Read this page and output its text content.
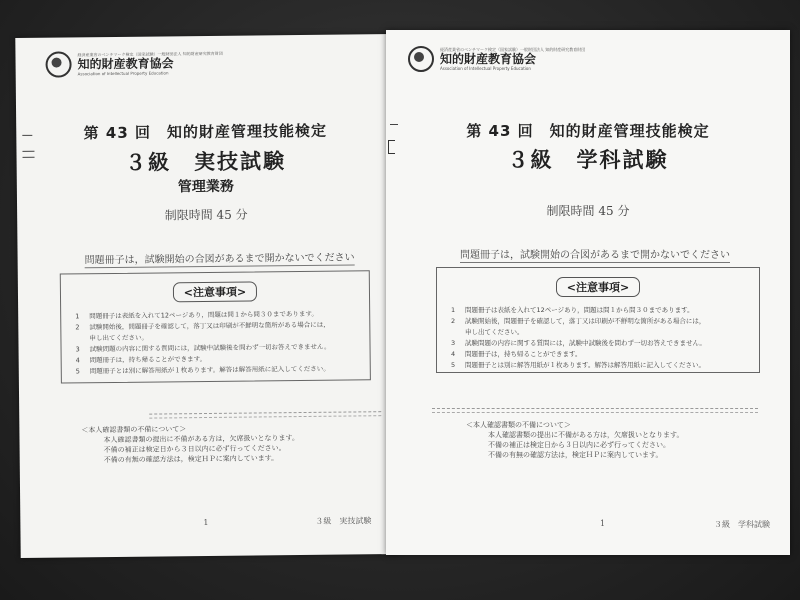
経済産業省のベンチマーク検定（国家試験）一般財団法人 知的財産研究教育財団
知的財産教育協会
Association of Intellectual Property Education
第 43 回　知的財産管理技能検定
３級　実技試験
管理業務
制限時間 45 分
問題冊子は，試験開始の合図があるまで開かないでください
<注意事項>
1	問題冊子は表紙を入れて12ページあり，問題は問１から問３０まであります。
2	試験開始後，問題冊子を確認して，落丁又は印刷が不鮮明な箇所がある場合には，
申し出てください。
3	試験問題の内容に関する質問には，試験中試験後を問わず一切お答えできません。
4	問題冊子は，持ち帰ることができます。
5	問題冊子とは別に解答用紙が１枚あります。解答は解答用紙に記入してください。
＜本人確認書類の不備について＞
本人確認書類の提出に不備がある方は，欠席扱いとなります。
不備の補正は検定日から３日以内に必ず行ってください。
不備の有無の確認方法は，検定ＨＰに案内しています。
1	３級　実技試験
経済産業省のベンチマーク検定（国家試験）一般財団法人 知的財産研究教育財団
知的財産教育協会
Association of Intellectual Property Education
第 43 回　知的財産管理技能検定
３級　学科試験
制限時間 45 分
問題冊子は，試験開始の合図があるまで開かないでください
<注意事項>
1	問題冊子は表紙を入れて12ページあり，問題は問１から問３０まであります。
2	試験開始後，問題冊子を確認して，落丁又は印刷が不鮮明な箇所がある場合には，
申し出てください。
3	試験問題の内容に関する質問には，試験中試験後を問わず一切お答えできません。
4	問題冊子は，持ち帰ることができます。
5	問題冊子とは別に解答用紙が１枚あります。解答は解答用紙に記入してください。
＜本人確認書類の不備について＞
本人確認書類の提出に不備がある方は，欠席扱いとなります。
不備の補正は検定日から３日以内に必ず行ってください。
不備の有無の確認方法は，検定ＨＰに案内しています。
1	３級　学科試験
